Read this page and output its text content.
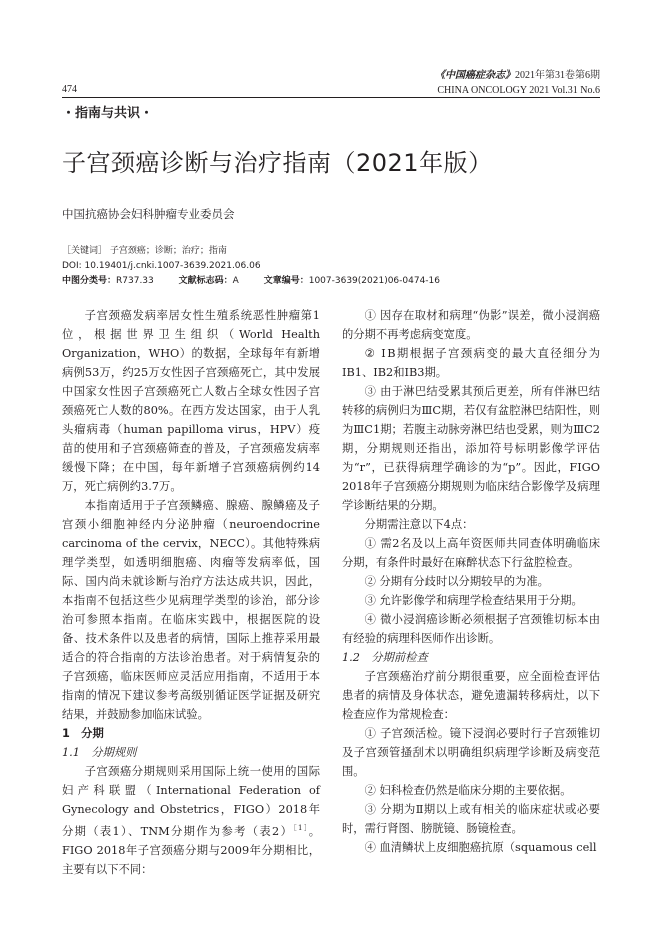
474
《中国癌症杂志》2021年第31卷第6期
CHINA ONCOLOGY 2021 Vol.31 No.6
・指南与共识・
子宫颈癌诊断与治疗指南（2021年版）
中国抗癌协会妇科肿瘤专业委员会
［关键词］ 子宫颈癌；诊断；治疗；指南
DOI: 10.19401/j.cnki.1007-3639.2021.06.06
中图分类号：R737.33	文献标志码：A	文章编号：1007-3639(2021)06-0474-16

子宫颈癌发病率居女性生殖系统恶性肿瘤第1位，根据世界卫生组织（World Health Organization，WHO）的数据，全球每年有新增病例53万，约25万女性因子宫颈癌死亡，其中发展中国家女性因子宫颈癌死亡人数占全球女性因子宫颈癌死亡人数的80%。在西方发达国家，由于人乳头瘤病毒（human papilloma virus，HPV）疫苗的使用和子宫颈癌筛查的普及，子宫颈癌发病率缓慢下降；在中国，每年新增子宫颈癌病例约14万，死亡病例约3.7万。

本指南适用于子宫颈鳞癌、腺癌、腺鳞癌及子宫颈小细胞神经内分泌肿瘤（neuroendocrine carcinoma of the cervix，NECC）。其他特殊病理学类型，如透明细胞癌、肉瘤等发病率低，国际、国内尚未就诊断与治疗方法达成共识，因此，本指南不包括这些少见病理学类型的诊治，部分诊治可参照本指南。在临床实践中，根据医院的设备、技术条件以及患者的病情，国际上推荐采用最适合的符合指南的方法诊治患者。对于病情复杂的子宫颈癌，临床医师应灵活应用指南，不适用于本指南的情况下建议参考高级别循证医学证据及研究结果，并鼓励参加临床试验。

1　分期

1.1　分期规则

子宫颈癌分期规则采用国际上统一使用的国际妇产科联盟（International Federation of Gynecology and Obstetrics，FIGO）2018年分期（表1）、TNM分期作为参考（表2）$^{[1]}$。FIGO 2018年子宫颈癌分期与2009年分期相比，主要有以下不同：

① 因存在取材和病理“伪影”误差，微小浸润癌的分期不再考虑病变宽度。

② ⅠB期根据子宫颈病变的最大直径细分为ⅠB1、ⅠB2和ⅠB3期。

③ 由于淋巴结受累其预后更差，所有伴淋巴结转移的病例归为ⅢC期，若仅有盆腔淋巴结阳性，则为ⅢC1期；若腹主动脉旁淋巴结也受累，则为ⅢC2期，分期规则还指出，添加符号标明影像学评估为“r”，已获得病理学确诊的为“p”。因此，FIGO 2018年子宫颈癌分期规则为临床结合影像学及病理学诊断结果的分期。

分期需注意以下4点：

① 需2名及以上高年资医师共同查体明确临床分期，有条件时最好在麻醉状态下行盆腔检查。

② 分期有分歧时以分期较早的为准。

③ 允许影像学和病理学检查结果用于分期。

④ 微小浸润癌诊断必须根据子宫颈锥切标本由有经验的病理科医师作出诊断。

1.2　分期前检查

子宫颈癌治疗前分期很重要，应全面检查评估患者的病情及身体状态，避免遗漏转移病灶，以下检查应作为常规检查：

① 子宫颈活检。镜下浸润必要时行子宫颈锥切及子宫颈管搔刮术以明确组织病理学诊断及病变范围。

② 妇科检查仍然是临床分期的主要依据。

③ 分期为Ⅱ期以上或有相关的临床症状或必要时，需行肾图、膀胱镜、肠镜检查。

④ 血清鳞状上皮细胞癌抗原（squamous cell
